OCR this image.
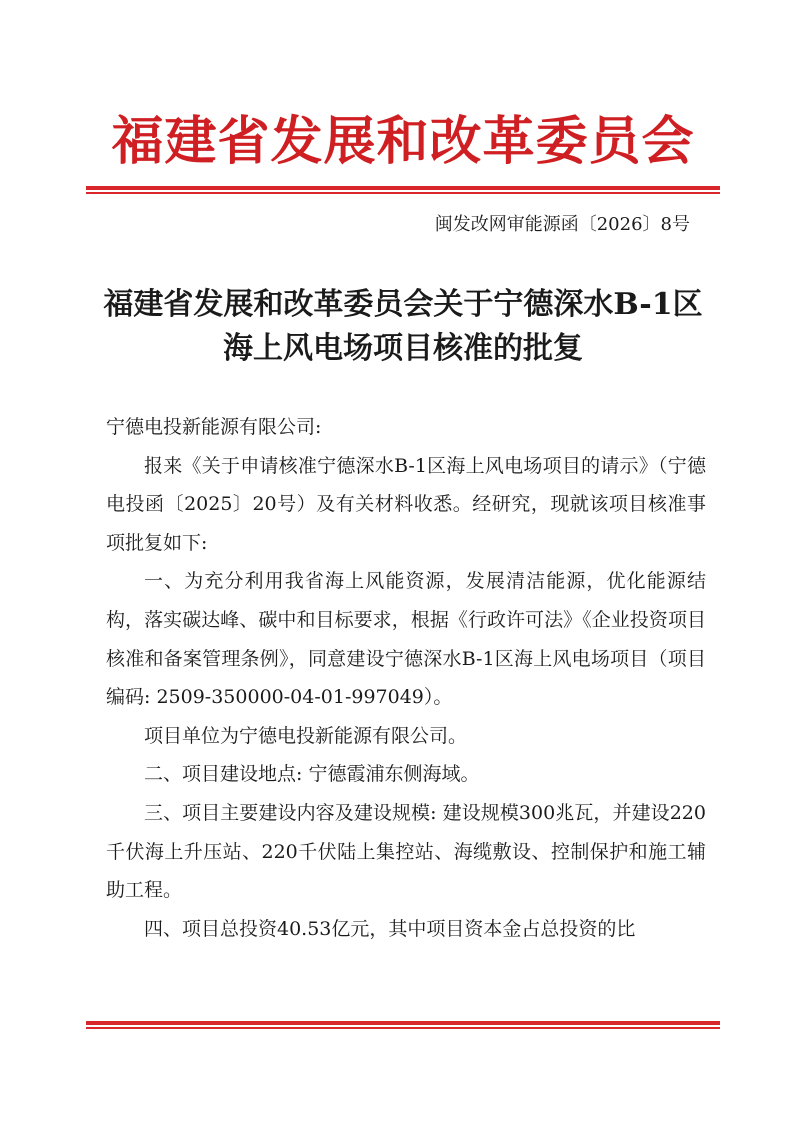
福建省发展和改革委员会
闽发改网审能源函〔2026〕8号
福建省发展和改革委员会关于宁德深水B-1区
海上风电场项目核准的批复

宁德电投新能源有限公司:

报来《关于申请核准宁德深水B-1区海上风电场项目的请示》（宁德电投函〔2025〕20号）及有关材料收悉。经研究，现就该项目核准事项批复如下:

一、为充分利用我省海上风能资源，发展清洁能源，优化能源结构，落实碳达峰、碳中和目标要求，根据《行政许可法》《企业投资项目核准和备案管理条例》，同意建设宁德深水B-1区海上风电场项目（项目编码: 2509-350000-04-01-997049）。

项目单位为宁德电投新能源有限公司。

二、项目建设地点: 宁德霞浦东侧海域。

三、项目主要建设内容及建设规模: 建设规模300兆瓦，并建设220千伏海上升压站、220千伏陆上集控站、海缆敷设、控制保护和施工辅助工程。

四、项目总投资40.53亿元，其中项目资本金占总投资的比
